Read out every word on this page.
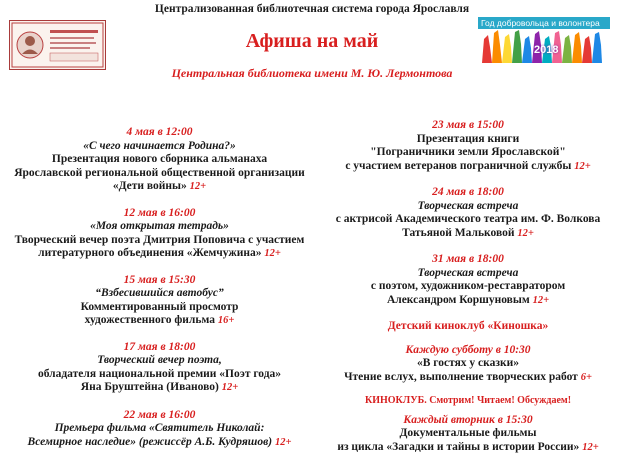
Централизованная библиотечная система города Ярославля
Афиша на май
Центральная библиотека имени М. Ю. Лермонтова
Год добровольца и волонтера
2018
4 мая в 12:00
«С чего начинается Родина?»
Презентация нового сборника альманаха
Ярославской региональной общественной организации
«Дети войны» 12+
12 мая в 16:00
«Моя открытая тетрадь»
Творческий вечер поэта Дмитрия Поповича с участием
литературного объединения «Жемчужина» 12+
15 мая в 15:30
“Взбесившийся автобус”
Комментированный просмотр
художественного фильма 16+
17 мая в 18:00
Творческий вечер поэта,
обладателя национальной премии «Поэт года»
Яна Бруштейна (Иваново) 12+
22 мая в 16:00
Премьера фильма «Святитель Николай:
Всемирное наследие» (режиссёр А.Б. Кудряшов) 12+
23 мая в 15:00
Презентация книги
"Пограничники земли Ярославской"
с участием ветеранов пограничной службы 12+
24 мая в 18:00
Творческая встреча
с актрисой Академического театра им. Ф. Волкова
Татьяной Мальковой 12+
31 мая в 18:00
Творческая встреча
с поэтом, художником-реставратором
Александром Коршуновым 12+
Детский киноклуб «Киношка»
Каждую субботу в 10:30
«В гостях у сказки»
Чтение вслух, выполнение творческих работ 6+
КИНОКЛУБ. Смотрим! Читаем! Обсуждаем!
Каждый вторник в 15:30
Документальные фильмы
из цикла «Загадки и тайны в истории России» 12+
